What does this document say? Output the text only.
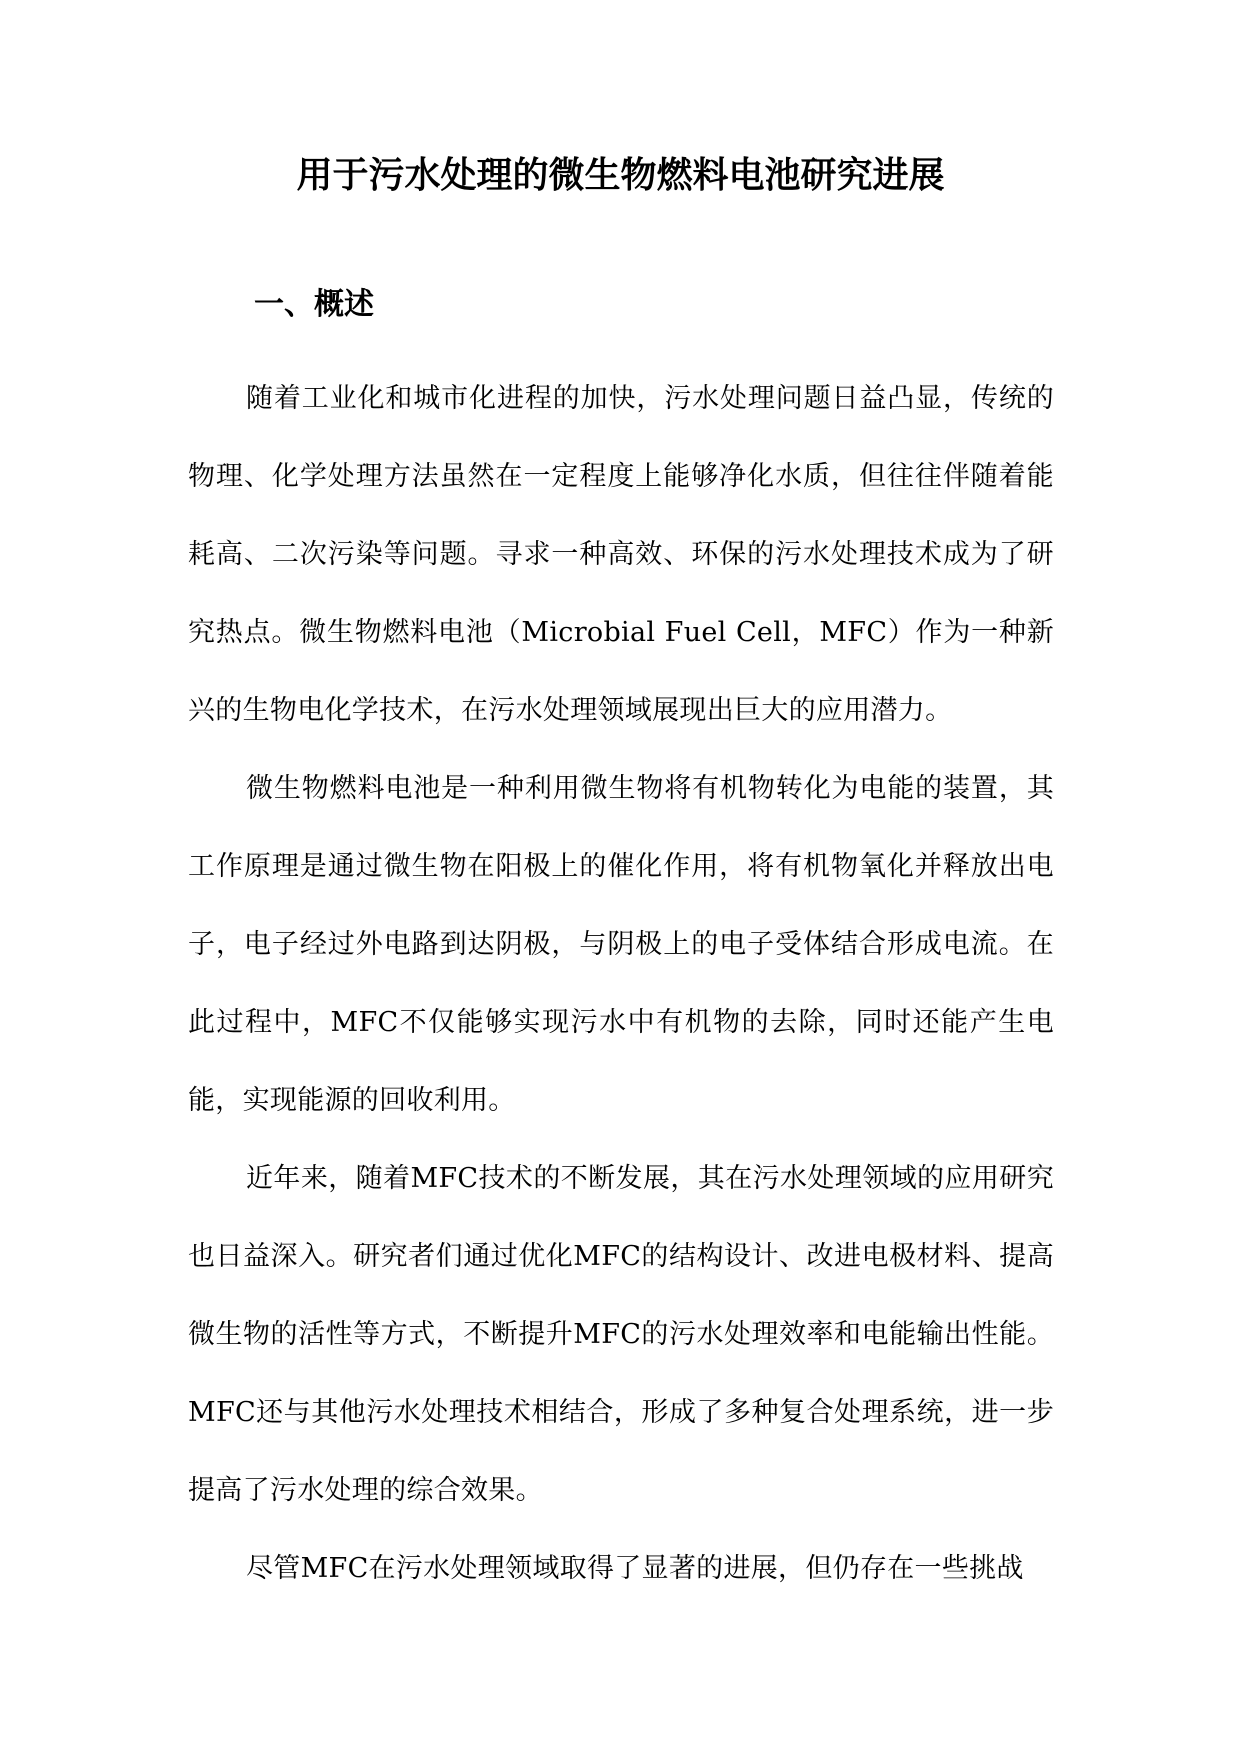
用于污水处理的微生物燃料电池研究进展
一、概述

随着工业化和城市化进程的加快，污水处理问题日益凸显，传统的物理、化学处理方法虽然在一定程度上能够净化水质，但往往伴随着能耗高、二次污染等问题。寻求一种高效、环保的污水处理技术成为了研究热点。微生物燃料电池（Microbial Fuel Cell，MFC）作为一种新兴的生物电化学技术，在污水处理领域展现出巨大的应用潜力。

微生物燃料电池是一种利用微生物将有机物转化为电能的装置，其工作原理是通过微生物在阳极上的催化作用，将有机物氧化并释放出电子，电子经过外电路到达阴极，与阴极上的电子受体结合形成电流。在此过程中，MFC不仅能够实现污水中有机物的去除，同时还能产生电能，实现能源的回收利用。

近年来，随着MFC技术的不断发展，其在污水处理领域的应用研究也日益深入。研究者们通过优化MFC的结构设计、改进电极材料、提高微生物的活性等方式，不断提升MFC的污水处理效率和电能输出性能。MFC还与其他污水处理技术相结合，形成了多种复合处理系统，进一步提高了污水处理的综合效果。

尽管MFC在污水处理领域取得了显著的进展，但仍存在一些挑战
